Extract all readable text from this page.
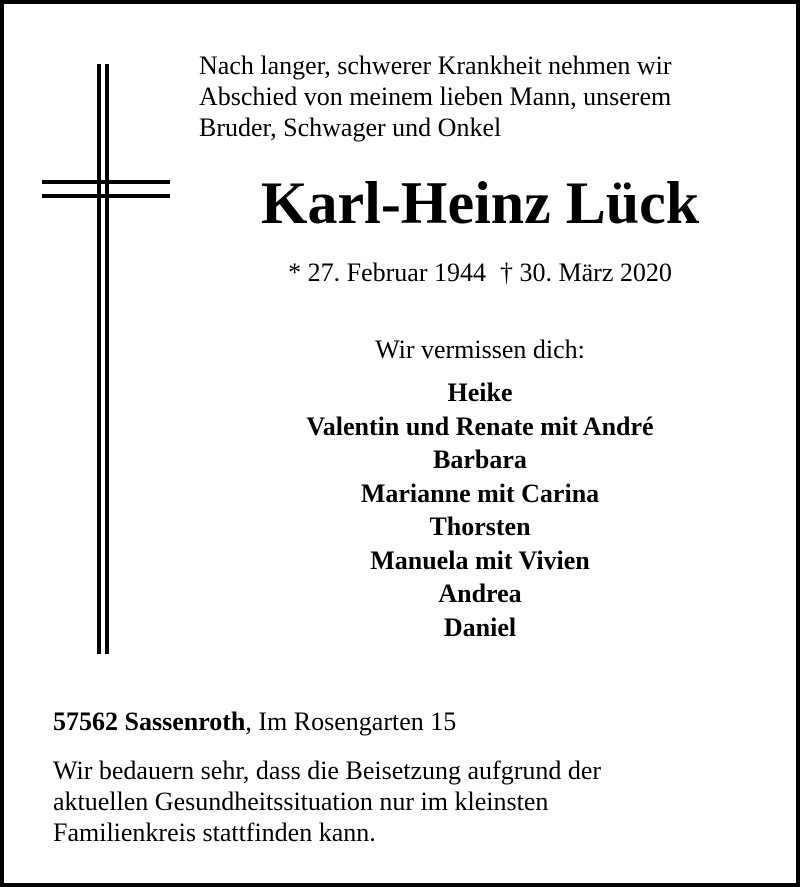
Nach langer, schwerer Krankheit nehmen wir
Abschied von meinem lieben Mann, unserem
Bruder, Schwager und Onkel
Karl-Heinz Lück
* 27. Februar 1944 † 30. März 2020
Wir vermissen dich:
Heike
Valentin und Renate mit André
Barbara
Marianne mit Carina
Thorsten
Manuela mit Vivien
Andrea
Daniel
57562 Sassenroth, Im Rosengarten 15
Wir bedauern sehr, dass die Beisetzung aufgrund der
aktuellen Gesundheitssituation nur im kleinsten
Familienkreis stattfinden kann.
